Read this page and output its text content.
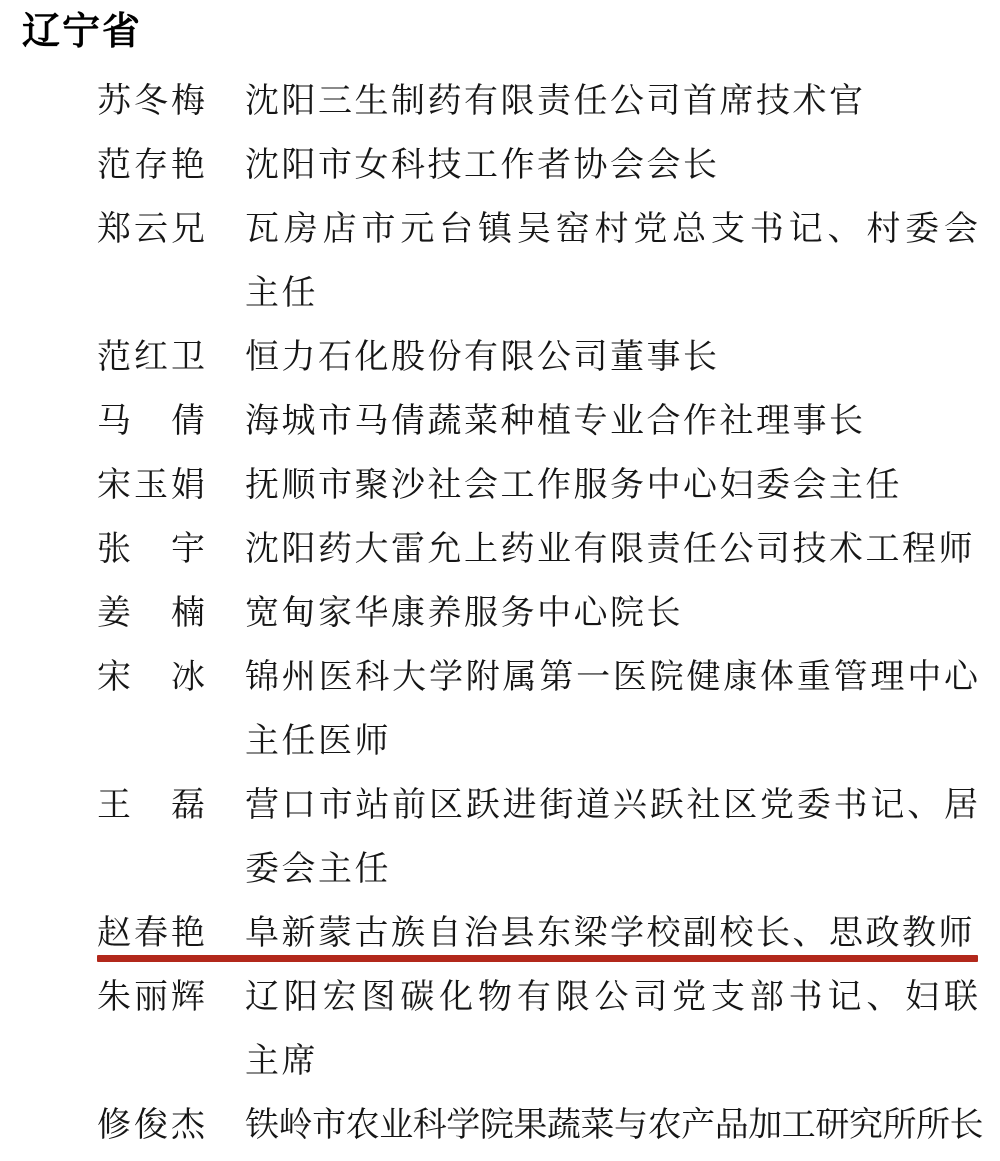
辽宁省
苏冬梅 沈阳三生制药有限责任公司首席技术官
范存艳 沈阳市女科技工作者协会会长
郑云兄 瓦房店市元台镇吴窑村党总支书记、村委会
主任
范红卫 恒力石化股份有限公司董事长
马倩 海城市马倩蔬菜种植专业合作社理事长
宋玉娟 抚顺市聚沙社会工作服务中心妇委会主任
张宇 沈阳药大雷允上药业有限责任公司技术工程师
姜楠 宽甸家华康养服务中心院长
宋冰 锦州医科大学附属第一医院健康体重管理中心
主任医师
王磊 营口市站前区跃进街道兴跃社区党委书记、居
委会主任
赵春艳 阜新蒙古族自治县东梁学校副校长、思政教师
朱丽辉 辽阳宏图碳化物有限公司党支部书记、妇联
主席
修俊杰 铁岭市农业科学院果蔬菜与农产品加工研究所所长
